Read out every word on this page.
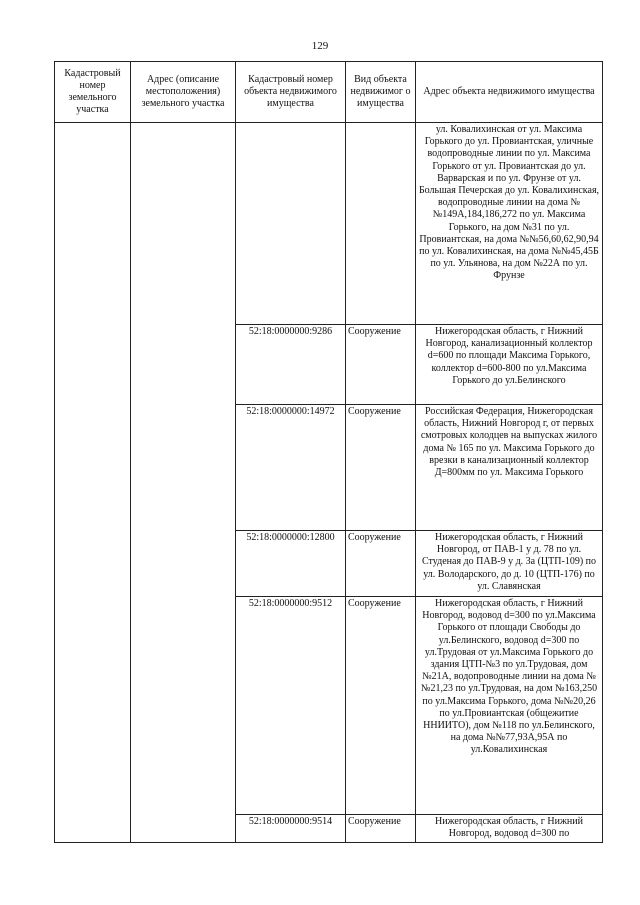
129
Кадастровый номер земельного участка	Адрес (описание местоположения) земельного участка	Кадастровый номер объекта недвижимого имущества	Вид объекта недвижимог о имущества	Адрес объекта недвижимого имущества
				ул. Ковалихинская от ул. Максима Горького до ул. Провиантская, уличные водопроводные линии по ул. Максима Горького от ул. Провиантская до ул. Варварская и по ул. Фрунзе от ул. Большая Печерская до ул. Ковалихинская, водопроводные линии на дома №№149А,184,186,272 по ул. Максима Горького, на дом №31 по ул. Провиантская, на дома №№56,60,62,90,94 по ул. Ковалихинская, на дома №№45,45Б по ул. Ульянова, на дом №22А по ул. Фрунзе
		52:18:0000000:9286	Сооружение	Нижегородская область, г Нижний Новгород, канализационный коллектор d=600 по площади Максима Горького, коллектор d=600-800 по ул.Максима Горького до ул.Белинского
		52:18:0000000:14972	Сооружение	Российская Федерация, Нижегородская область, Нижний Новгород г, от первых смотровых колодцев на выпусках жилого дома № 165 по ул. Максима Горького до врезки в канализационный коллектор Д=800мм по ул. Максима Горького
		52:18:0000000:12800	Сооружение	Нижегородская область, г Нижний Новгород, от ПАВ-1 у д. 78 по ул. Студеная до ПАВ-9 у д. 3а (ЦТП-109) по ул. Володарского, до д. 10 (ЦТП-176) по ул. Славянская
		52:18:0000000:9512	Сооружение	Нижегородская область, г Нижний Новгород, водовод d=300 по ул.Максима Горького от площади Свободы до ул.Белинского, водовод d=300 по ул.Трудовая от ул.Максима Горького до здания ЦТП-№3 по ул.Трудовая, дом №21А, водопроводные линии на дома №№21,23 по ул.Трудовая, на дом №163,250 по ул.Максима Горького, дома №№20,26 по ул.Провиантская (общежитие ННИИТО), дом №118 по ул.Белинского, на дома №№77,93А,95А по ул.Ковалихинская
		52:18:0000000:9514	Сооружение	Нижегородская область, г Нижний Новгород, водовод d=300 по
